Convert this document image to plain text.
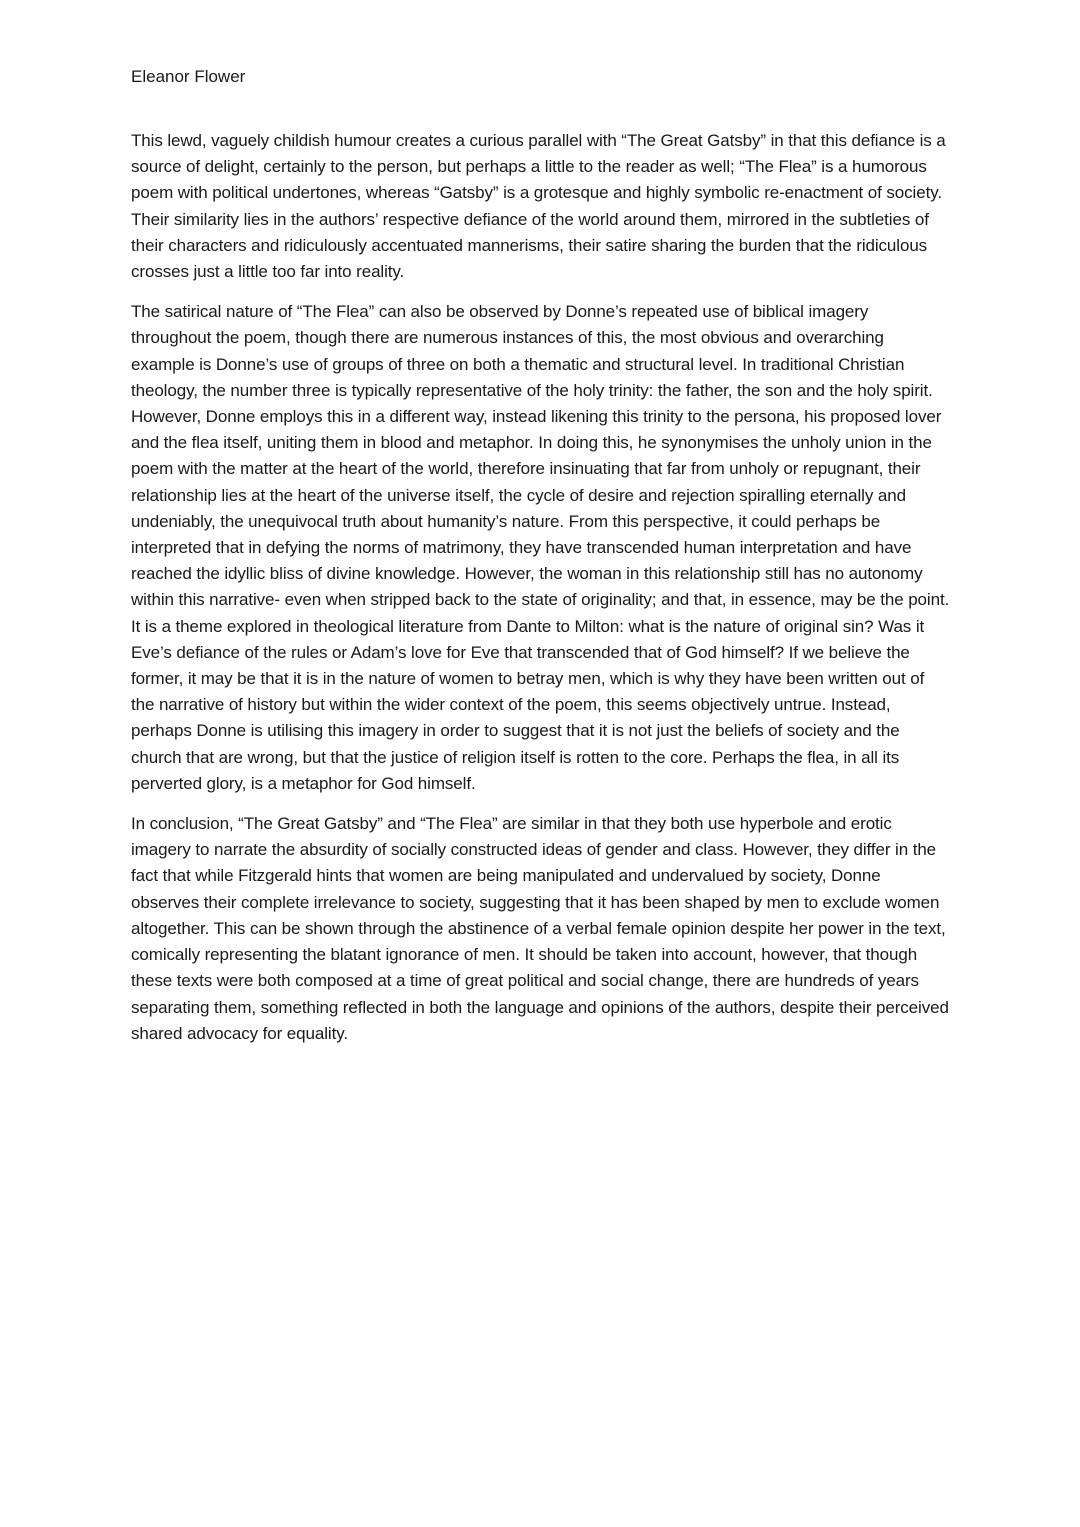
Eleanor Flower

This lewd, vaguely childish humour creates a curious parallel with “The Great Gatsby” in that this defiance is a source of delight, certainly to the person, but perhaps a little to the reader as well; “The Flea” is a humorous poem with political undertones, whereas “Gatsby” is a grotesque and highly symbolic re-enactment of society. Their similarity lies in the authors’ respective defiance of the world around them, mirrored in the subtleties of their characters and ridiculously accentuated mannerisms, their satire sharing the burden that the ridiculous crosses just a little too far into reality.

The satirical nature of “The Flea” can also be observed by Donne’s repeated use of biblical imagery throughout the poem, though there are numerous instances of this, the most obvious and overarching example is Donne’s use of groups of three on both a thematic and structural level. In traditional Christian theology, the number three is typically representative of the holy trinity: the father, the son and the holy spirit. However, Donne employs this in a different way, instead likening this trinity to the persona, his proposed lover and the flea itself, uniting them in blood and metaphor. In doing this, he synonymises the unholy union in the poem with the matter at the heart of the world, therefore insinuating that far from unholy or repugnant, their relationship lies at the heart of the universe itself, the cycle of desire and rejection spiralling eternally and undeniably, the unequivocal truth about humanity’s nature. From this perspective, it could perhaps be interpreted that in defying the norms of matrimony, they have transcended human interpretation and have reached the idyllic bliss of divine knowledge. However, the woman in this relationship still has no autonomy within this narrative- even when stripped back to the state of originality; and that, in essence, may be the point. It is a theme explored in theological literature from Dante to Milton: what is the nature of original sin? Was it Eve’s defiance of the rules or Adam’s love for Eve that transcended that of God himself? If we believe the former, it may be that it is in the nature of women to betray men, which is why they have been written out of the narrative of history but within the wider context of the poem, this seems objectively untrue. Instead, perhaps Donne is utilising this imagery in order to suggest that it is not just the beliefs of society and the church that are wrong, but that the justice of religion itself is rotten to the core. Perhaps the flea, in all its perverted glory, is a metaphor for God himself.

In conclusion, “The Great Gatsby” and “The Flea” are similar in that they both use hyperbole and erotic imagery to narrate the absurdity of socially constructed ideas of gender and class. However, they differ in the fact that while Fitzgerald hints that women are being manipulated and undervalued by society, Donne observes their complete irrelevance to society, suggesting that it has been shaped by men to exclude women altogether. This can be shown through the abstinence of a verbal female opinion despite her power in the text, comically representing the blatant ignorance of men. It should be taken into account, however, that though these texts were both composed at a time of great political and social change, there are hundreds of years separating them, something reflected in both the language and opinions of the authors, despite their perceived shared advocacy for equality.
